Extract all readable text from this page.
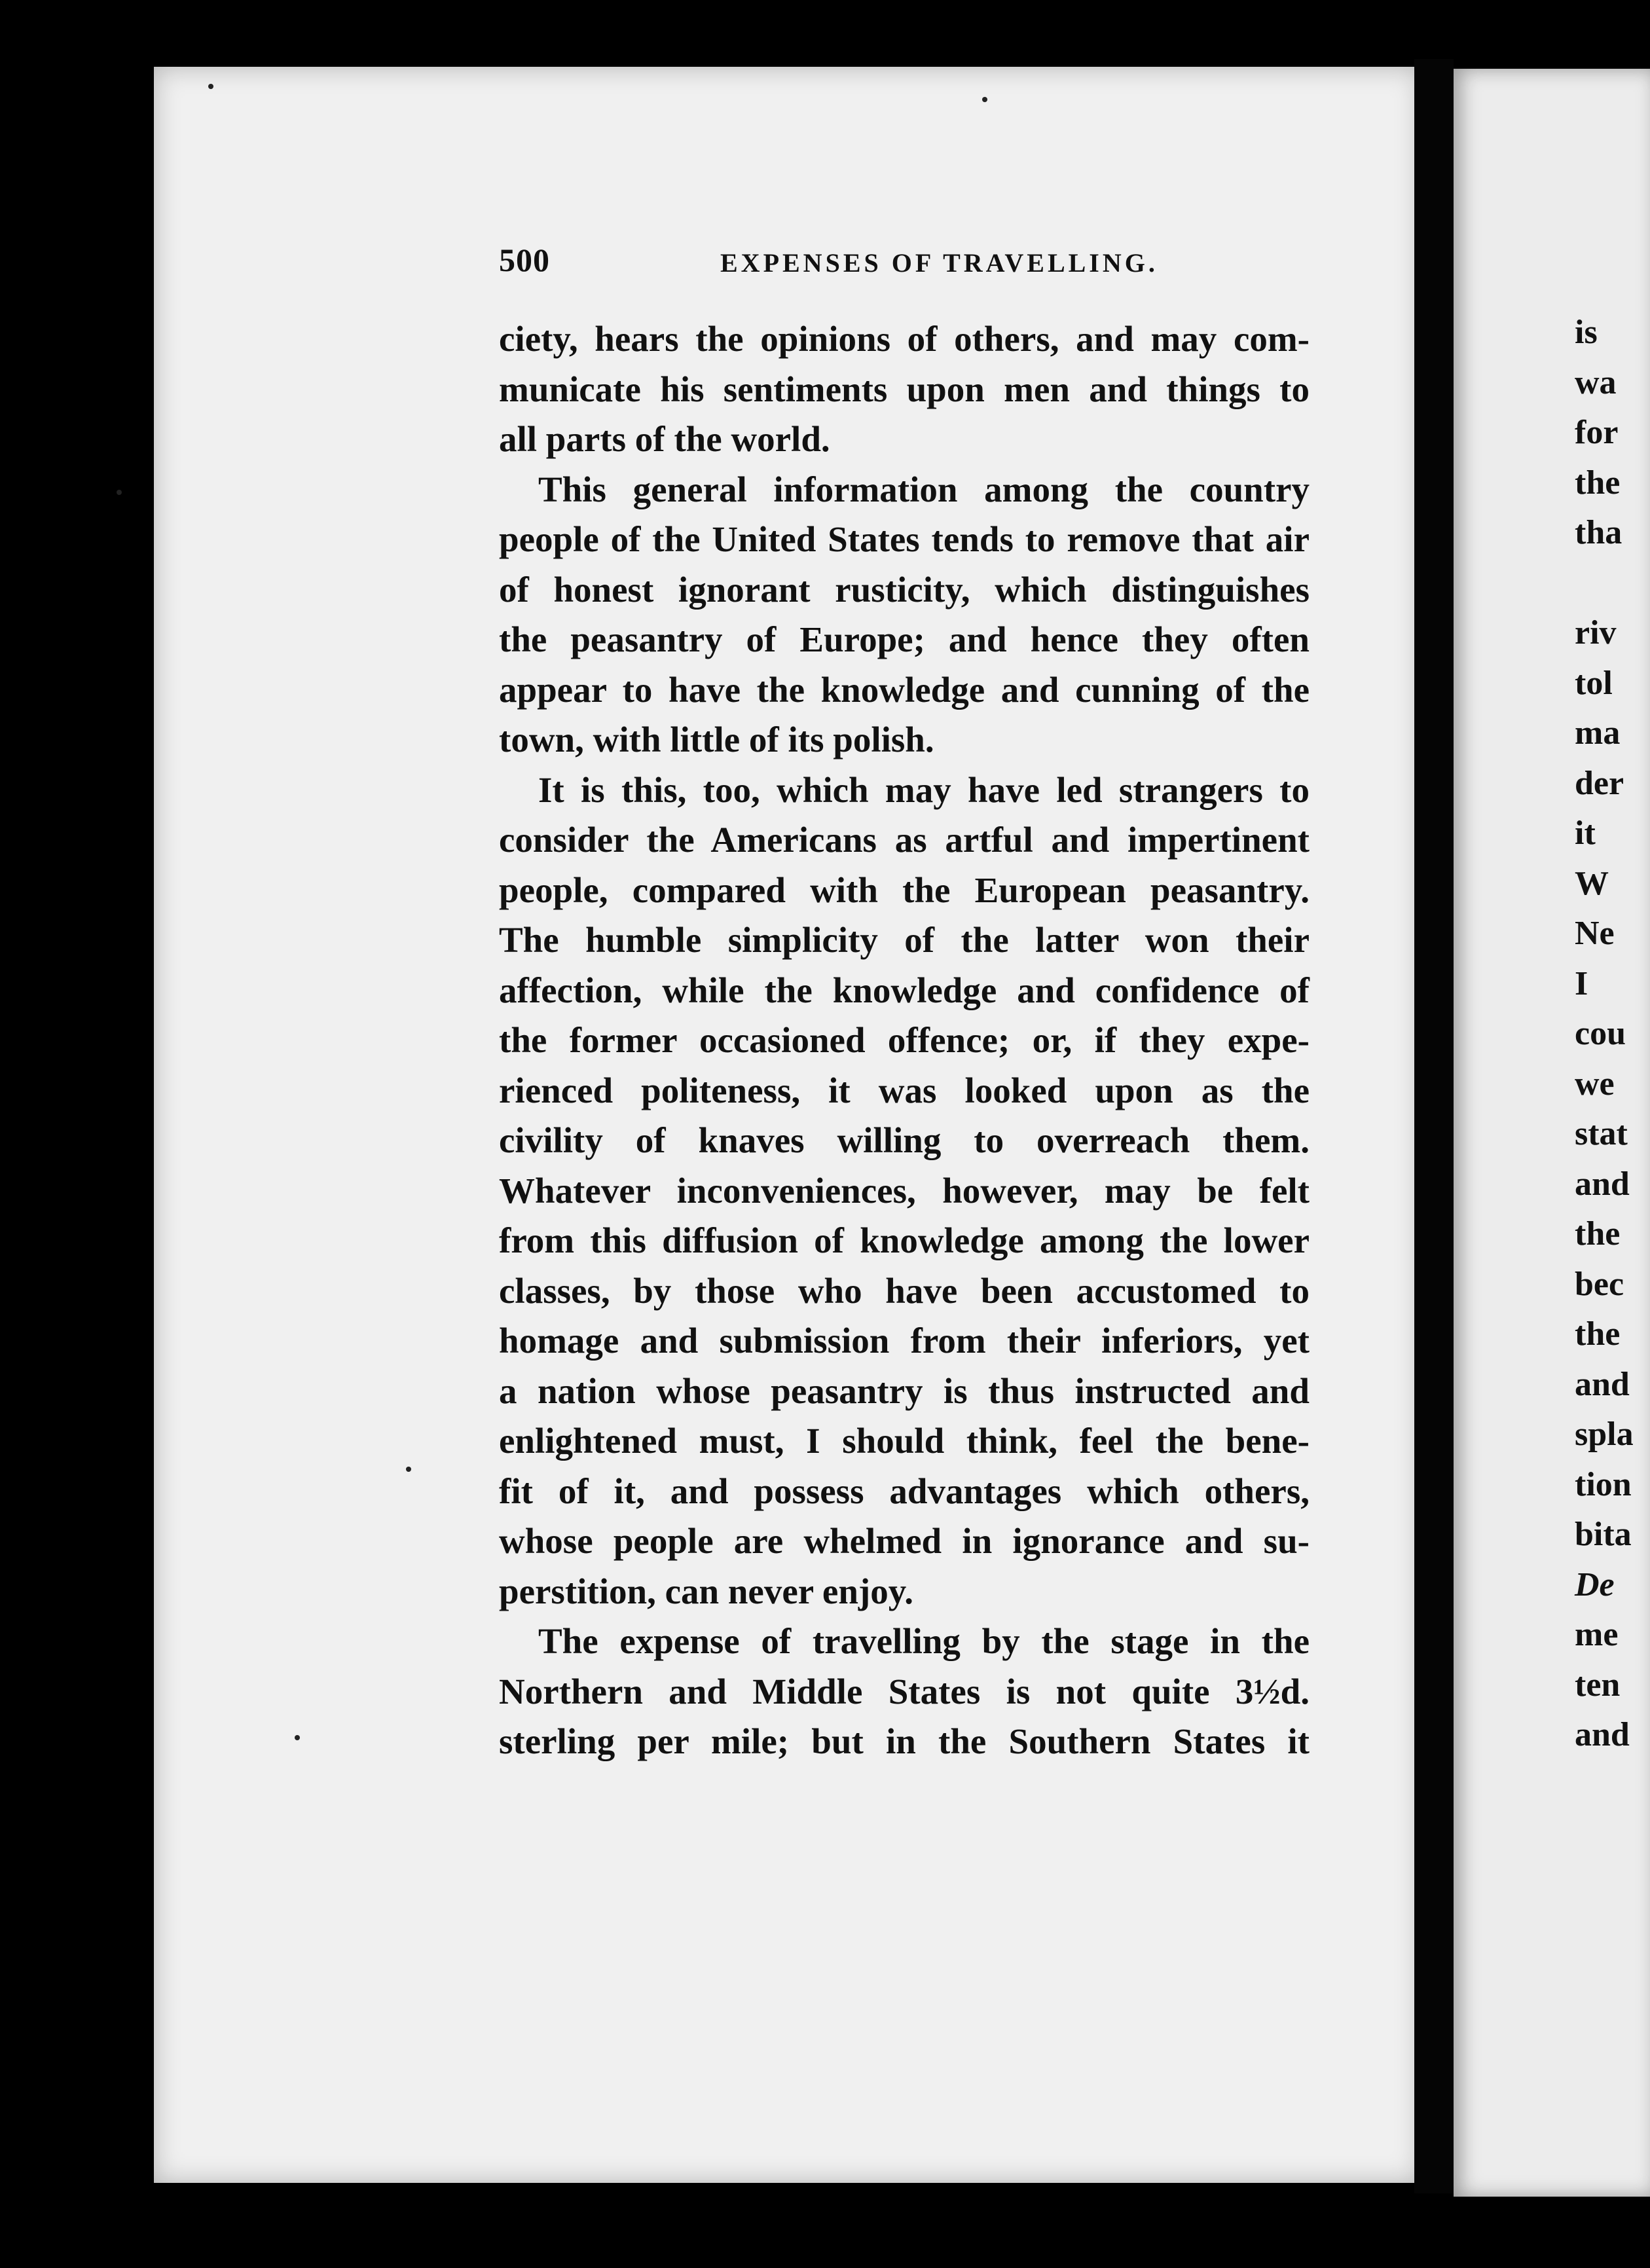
500	EXPENSES OF TRAVELLING.
ciety, hears the opinions of others, and may com-
municate his sentiments upon men and things to
all parts of the world.
This general information among the country
people of the United States tends to remove that air
of honest ignorant rusticity, which distinguishes
the peasantry of Europe; and hence they often
appear to have the knowledge and cunning of the
town, with little of its polish.
It is this, too, which may have led strangers to
consider the Americans as artful and impertinent
people, compared with the European peasantry.
The humble simplicity of the latter won their
affection, while the knowledge and confidence of
the former occasioned offence; or, if they expe-
rienced politeness, it was looked upon as the
civility of knaves willing to overreach them.
Whatever inconveniences, however, may be felt
from this diffusion of knowledge among the lower
classes, by those who have been accustomed to
homage and submission from their inferiors, yet
a nation whose peasantry is thus instructed and
enlightened must, I should think, feel the bene-
fit of it, and possess advantages which others,
whose people are whelmed in ignorance and su-
perstition, can never enjoy.
The expense of travelling by the stage in the
Northern and Middle States is not quite 3½d.
sterling per mile; but in the Southern States it
is
wa
for
the
tha
riv
tol
ma
der
it
W
Ne
I
cou
we
stat
and
the
bec
the
and
spla
tion
bita
De
me
ten
and
